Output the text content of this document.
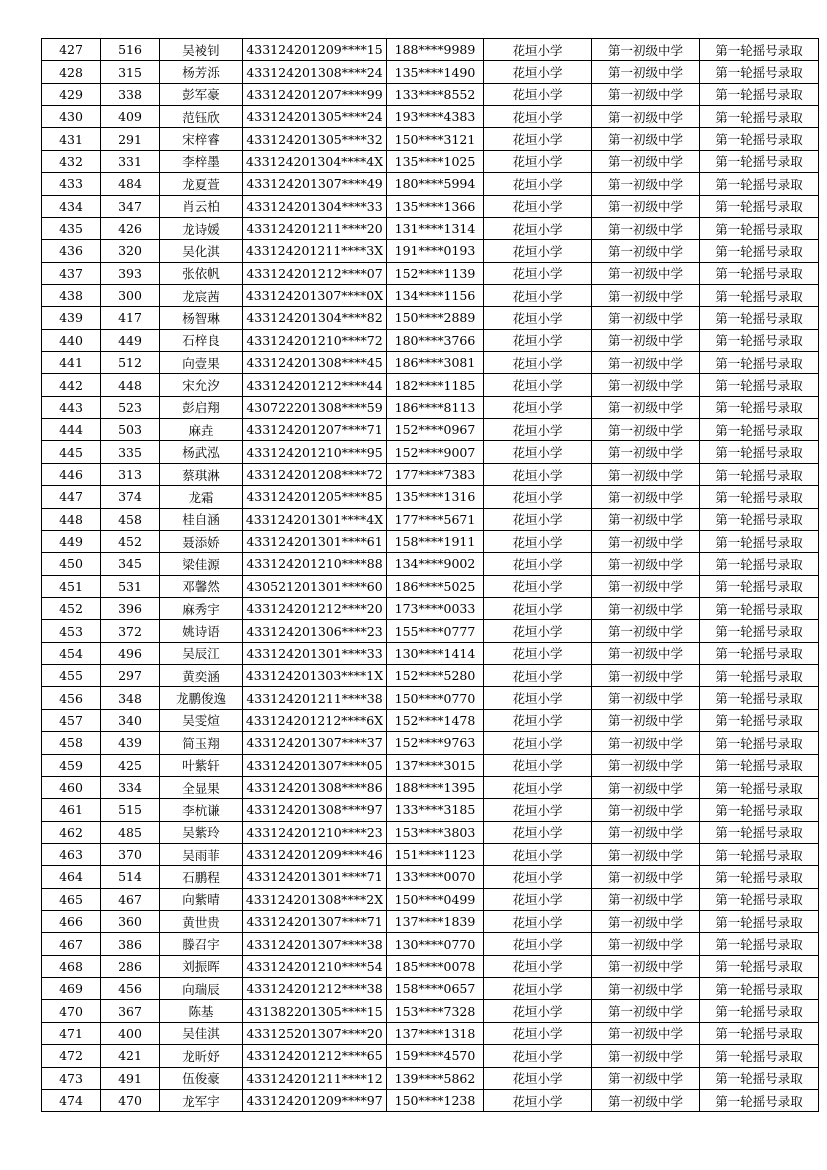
427	516	吴裬钊	433124201209****15	188****9989	花垣小学	第一初级中学	第一轮摇号录取
428	315	杨芳泺	433124201308****24	135****1490	花垣小学	第一初级中学	第一轮摇号录取
429	338	彭军豪	433124201207****99	133****8552	花垣小学	第一初级中学	第一轮摇号录取
430	409	范钰欣	433124201305****24	193****4383	花垣小学	第一初级中学	第一轮摇号录取
431	291	宋梓睿	433124201305****32	150****3121	花垣小学	第一初级中学	第一轮摇号录取
432	331	李梓墨	433124201304****4X	135****1025	花垣小学	第一初级中学	第一轮摇号录取
433	484	龙夏萱	433124201307****49	180****5994	花垣小学	第一初级中学	第一轮摇号录取
434	347	肖云柏	433124201304****33	135****1366	花垣小学	第一初级中学	第一轮摇号录取
435	426	龙诗媛	433124201211****20	131****1314	花垣小学	第一初级中学	第一轮摇号录取
436	320	吴化淇	433124201211****3X	191****0193	花垣小学	第一初级中学	第一轮摇号录取
437	393	张依帆	433124201212****07	152****1139	花垣小学	第一初级中学	第一轮摇号录取
438	300	龙宸茜	433124201307****0X	134****1156	花垣小学	第一初级中学	第一轮摇号录取
439	417	杨智琳	433124201304****82	150****2889	花垣小学	第一初级中学	第一轮摇号录取
440	449	石梓良	433124201210****72	180****3766	花垣小学	第一初级中学	第一轮摇号录取
441	512	向壹果	433124201308****45	186****3081	花垣小学	第一初级中学	第一轮摇号录取
442	448	宋允汐	433124201212****44	182****1185	花垣小学	第一初级中学	第一轮摇号录取
443	523	彭启翔	430722201308****59	186****8113	花垣小学	第一初级中学	第一轮摇号录取
444	503	麻垚	433124201207****71	152****0967	花垣小学	第一初级中学	第一轮摇号录取
445	335	杨武泓	433124201210****95	152****9007	花垣小学	第一初级中学	第一轮摇号录取
446	313	蔡琪淋	433124201208****72	177****7383	花垣小学	第一初级中学	第一轮摇号录取
447	374	龙霜	433124201205****85	135****1316	花垣小学	第一初级中学	第一轮摇号录取
448	458	桂自涵	433124201301****4X	177****5671	花垣小学	第一初级中学	第一轮摇号录取
449	452	聂添娇	433124201301****61	158****1911	花垣小学	第一初级中学	第一轮摇号录取
450	345	梁佳源	433124201210****88	134****9002	花垣小学	第一初级中学	第一轮摇号录取
451	531	邓馨然	430521201301****60	186****5025	花垣小学	第一初级中学	第一轮摇号录取
452	396	麻秀宇	433124201212****20	173****0033	花垣小学	第一初级中学	第一轮摇号录取
453	372	姚诗语	433124201306****23	155****0777	花垣小学	第一初级中学	第一轮摇号录取
454	496	吴辰江	433124201301****33	130****1414	花垣小学	第一初级中学	第一轮摇号录取
455	297	黄奕涵	433124201303****1X	152****5280	花垣小学	第一初级中学	第一轮摇号录取
456	348	龙鹏俊逸	433124201211****38	150****0770	花垣小学	第一初级中学	第一轮摇号录取
457	340	吴雯煊	433124201212****6X	152****1478	花垣小学	第一初级中学	第一轮摇号录取
458	439	简玉翔	433124201307****37	152****9763	花垣小学	第一初级中学	第一轮摇号录取
459	425	叶紫轩	433124201307****05	137****3015	花垣小学	第一初级中学	第一轮摇号录取
460	334	全显果	433124201308****86	188****1395	花垣小学	第一初级中学	第一轮摇号录取
461	515	李杭谦	433124201308****97	133****3185	花垣小学	第一初级中学	第一轮摇号录取
462	485	吴紫玲	433124201210****23	153****3803	花垣小学	第一初级中学	第一轮摇号录取
463	370	吴雨菲	433124201209****46	151****1123	花垣小学	第一初级中学	第一轮摇号录取
464	514	石鹏程	433124201301****71	133****0070	花垣小学	第一初级中学	第一轮摇号录取
465	467	向紫晴	433124201308****2X	150****0499	花垣小学	第一初级中学	第一轮摇号录取
466	360	黄世贵	433124201307****71	137****1839	花垣小学	第一初级中学	第一轮摇号录取
467	386	滕召宇	433124201307****38	130****0770	花垣小学	第一初级中学	第一轮摇号录取
468	286	刘振晖	433124201210****54	185****0078	花垣小学	第一初级中学	第一轮摇号录取
469	456	向瑞辰	433124201212****38	158****0657	花垣小学	第一初级中学	第一轮摇号录取
470	367	陈基	431382201305****15	153****7328	花垣小学	第一初级中学	第一轮摇号录取
471	400	吴佳淇	433125201307****20	137****1318	花垣小学	第一初级中学	第一轮摇号录取
472	421	龙昕妤	433124201212****65	159****4570	花垣小学	第一初级中学	第一轮摇号录取
473	491	伍俊豪	433124201211****12	139****5862	花垣小学	第一初级中学	第一轮摇号录取
474	470	龙军宇	433124201209****97	150****1238	花垣小学	第一初级中学	第一轮摇号录取
